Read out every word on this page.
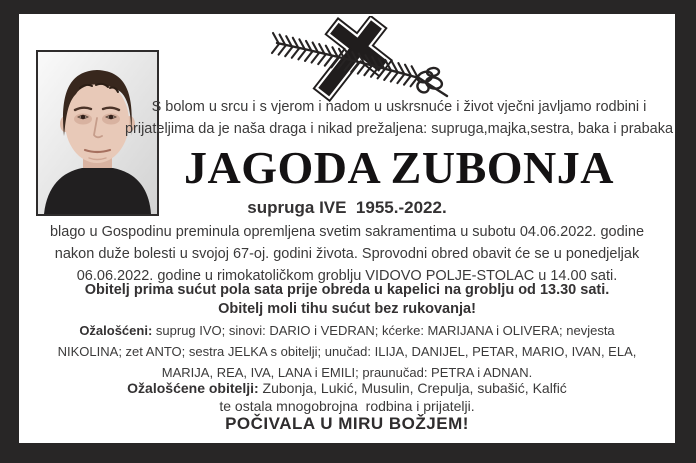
S bolom u srcu i s vjerom i nadom u uskrsnuće i život vječni javljamo rodbini i
prijateljima da je naša draga i nikad prežaljena: supruga,majka,sestra, baka i prabaka
JAGODA ZUBONJA
supruga IVE  1955.-2022.
blago u Gospodinu preminula opremljena svetim sakramentima u subotu 04.06.2022. godine
nakon duže bolesti u svojoj 67-oj. godini života. Sprovodni obred obavit će se u ponedjeljak
06.06.2022. godine u rimokatoličkom groblju VIDOVO POLJE-STOLAC u 14.00 sati.
Obitelj prima sućut pola sata prije obreda u kapelici na groblju od 13.30 sati.
Obitelj moli tihu sućut bez rukovanja!
Ožalošćeni: suprug IVO; sinovi: DARIO i VEDRAN; kćerke: MARIJANA i OLIVERA; nevjesta
NIKOLINA; zet ANTO; sestra JELKA s obitelji; unučad: ILIJA, DANIJEL, PETAR, MARIO, IVAN, ELA,
MARIJA, REA, IVA, LANA i EMILI; praunučad: PETRA i ADNAN.
Ožalošćene obitelji: Zubonja, Lukić, Musulin, Crepulja, subašić, Kalfić
te ostala mnogobrojna  rodbina i prijatelji.
POČIVALA U MIRU BOŽJEM!
